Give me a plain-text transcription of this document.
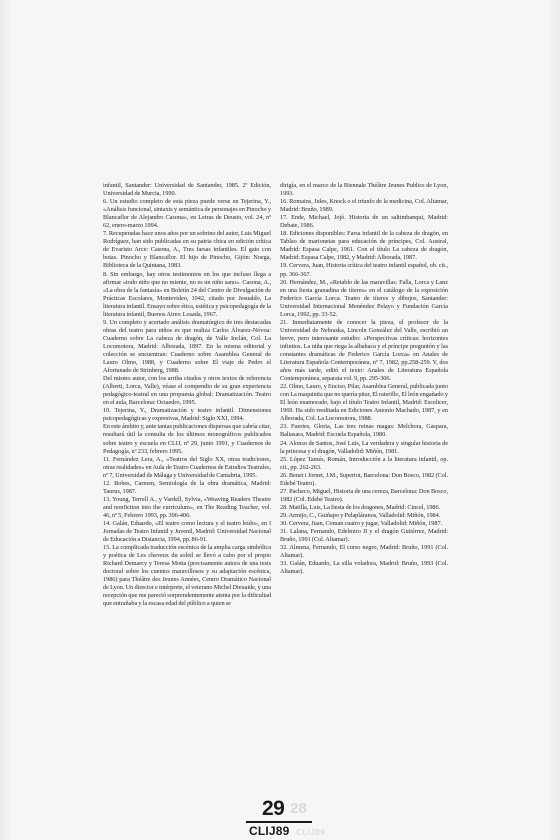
infantil, Santander: Universidad de Santander, 1985. 2ª Edición, Universidad de Murcia, 1990.

6. Un estudio completo de esta pieza puede verse en Tejerina, Y., «Análisis funcional, sintaxis y semántica de personajes en Pinocho y Blancaflor de Alejandro Casona», en Letras de Deusto, vol. 24, nº 62, enero-marzo 1994.

7. Recuperadas hace unos años por un sobrino del autor, Luis Miguel Rodríguez, han sido publicadas en su patria chica en edición crítica de Evaristo Arce: Casona, A., Tres farsas infantiles. El gato con botas. Pinocho y Blancaflor. El hijo de Pinocho, Gijón: Noega, Biblioteca de la Quintana, 1983.

8. Sin embargo, hay otros testimonios en los que incluso llega a afirmar «todo niño que no miente, no es un niño sano». Casona, A., «La obra de la fantasía» en Boletín 24 del Centro de Divulgación de Prácticas Escolares, Montevideo, 1942, citado por Jesualdo, La literatura infantil. Ensayo sobre ética, estética y psicopedagogía de la literatura infantil, Buenos Aires: Losada, 1967.

9. Un completo y acertado análisis dramatúrgico de tres destacadas obras del teatro para niños es que realiza Carlos Álvarez-Nóvoa: Cuaderno sobre La cabeza de dragón, de Valle Inclán, Col. La Locomotora, Madrid: Alborada, 1897. En la misma editorial y colección se encuentran: Cuaderno sobre Asamblea General de Lauro Olmo, 1988, y Cuaderno sobre El viaje de Pedro el Afortunado de Strinberg, 1988.

Del mismo autor, con los arriba citados y otros textos de referencia (Alberti, Lorca, Valle), véase el compendio de su gran experiencia pedagógico-teatral en una propuesta global: Dramatización. Teatro en el aula, Barcelona: Octaedro, 1995.

10. Tejerina, Y., Dramatización y teatro infantil. Dimensiones psicopedagógicas y expresivas, Madrid: Siglo XXI, 1994.

En este ámbito y, ante tantas publicaciones dispersas que cabría citar, resultará útil la consulta de los últimos monográficos publicados sobre teatro y escuela en CLIJ, nº 29, junio 1991, y Cuadernos de Pedagogía, nº 233, febrero 1995.

11. Fernández Lera, A., «Teatros del Siglo XX, otras tradiciones, otras realidades» en Aula de Teatro Cuadernos de Estudios Teatrales, nº 7, Universidad de Málaga y Universidad de Cantabria, 1995.

12. Bobes, Carmen, Semiología de la obra dramática, Madrid: Taurus, 1987.

13. Young, Terrell A., y Vardell, Sylvia, «Weaving Readers Theatre and nonfiction into the curriculum», en The Reading Teacher, vol. 46, nº 5, Febrero 1993, pp. 396-406.

14. Galán, Eduardo, «El teatro como lectura y el teatro leído», en I Jornadas de Teatro Infantil y Juvenil, Madrid: Universidad Nacional de Educación a Distancia, 1994, pp. 86-91.

15. La complicada traducción escénica de la amplia carga simbólica y poética de Les cheveux du soleil se llevó a cabo por el propio Richard Demarcy y Teresa Motta (precisamente autora de una tesis doctoral sobre los cuentos maravillosos y su adaptación escénica, 1986) para Théâtre des Jeunes Années, Centro Dramático Nacional de Lyon. Un director e intérprete, el veterano Michel Dieuaide, y una recepción que me pareció sorprendentemente atenta por la dificultad que entrañaba y la escasa edad del público a quien se

dirigía, en el marco de la Biennale Théâtre Jeunes Publics de Lyon, 1993.

16. Romains, Jules, Knock o el triunfo de la medicina, Col. Altamar, Madrid: Bruño, 1989.

17. Ende, Michael, Jojó. Historia de un saltimbanqui, Madrid: Debate, 1986.

18. Ediciones disponibles: Farsa infantil de la cabeza de dragón, en Tablao de marionetas para educación de príncipes, Col. Austral, Madrid: Espasa Calpe, 1961. Con el título La cabeza de dragón, Madrid: Espasa Calpe, 1982, y Madrid: Alborada, 1987.

19. Cervera, Juan, Historia crítica del teatro infantil español, ob. cit., pp. 366-367.

20. Hernández, M., «Retablo de las maravillas: Falla, Lorca y Lanz en una fiesta granadina de títeres» en el catálogo de la exposición Federico García Lorca. Teatro de títeres y dibujos, Santander: Universidad Internacional Menéndez Pelayo y Fundación García Lorca, 1992, pp. 33-52.

21. Inmediatamente de conocer la pieza, el profesor de la Universidad de Nebraska, Lincoln González del Valle, escribió un breve, pero interesante estudio: «Perspectivas críticas: horizontes infinitos. La niña que riega la albahaca y el príncipe preguntón y las constantes dramáticas de Federico García Lorca» en Anales de Literatura Española Contemporánea, nº 7, 1982, pp.258-259. Y, dos años más tarde, editó el texto: Anales de Literatura Española Contemporánea, separata vol. 9, pp. 295-306.

22. Olmo, Lauro, y Enciso, Pilar, Asamblea General, publicada junto con La maquinita que no quería pitar, El raterillo, El león engañado y El león enamorado, bajo el título Teatro Infantil, Madrid: Escelicer, 1969. Ha sido reeditada en Ediciones Antonio Machado, 1987, y en Alborada, Col. La Locomotora, 1988.

23. Fuertes, Gloria, Las tres reinas magas: Melchora, Gaspara, Baltasara, Madrid: Escuela Española, 1980.

24. Alonso de Santos, José Luis, La verdadera y singular historia de la princesa y el dragón, Valladolid: Miñón, 1981.

25. López Tamés, Román, Introducción a la literatura infantil, op. cit., pp. 262-263.

26. Benet i Jornet, J.M., Supertot, Barcelona: Don Bosco, 1982 (Col. Edebé Teatro).

27. Pacheco, Miguel, Historia de una cereza, Barcelona: Don Bosco, 1982 (Col. Edebé Teatro).

28. Matilla, Luis, La fiesta de los dragones, Madrid: Cincel, 1986.

29. Armijo, C., Guiñapo y Pelapláranos, Valladolid: Miñón, 1984.

30. Cervera, Juan, Coman cuatro y jugar, Valladolid: Miñón, 1987.

31. Lalana, Fernando, Edelmiro II y el dragón Gutiérrez, Madrid: Bruño, 1991 (Col. Altamar).

32. Almena, Fernando, El curso negro, Madrid: Bruño, 1991 (Col. Altamar).

33. Galán, Eduardo, La silla voladora, Madrid: Bruño, 1993 (Col. Altamar).

28
29
CLIJ89
CLIJ89
